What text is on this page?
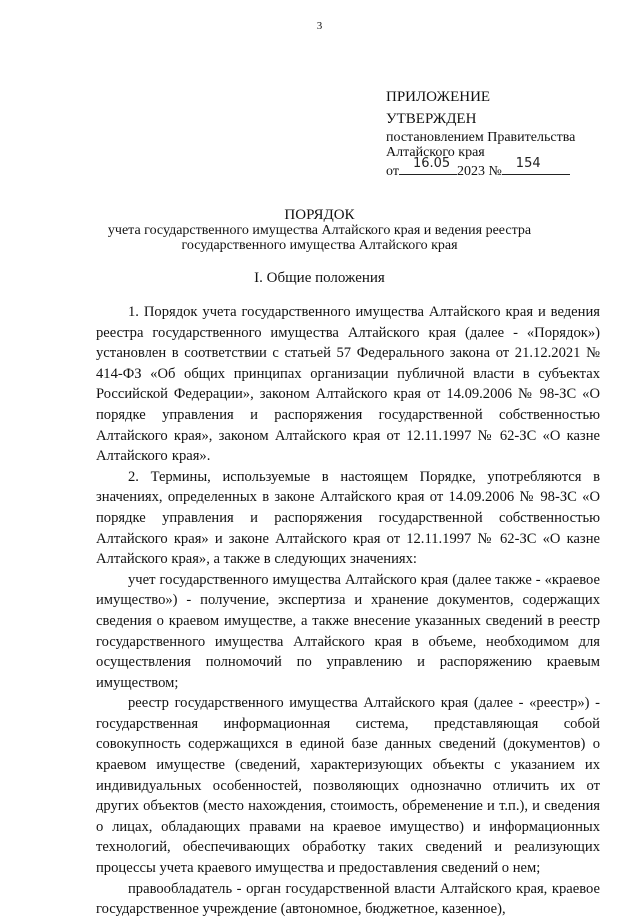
3
ПРИЛОЖЕНИЕ
УТВЕРЖДЕН
постановлением Правительства
Алтайского края
от
16.05
2023 №
154
ПОРЯДОК
учета государственного имущества Алтайского края и ведения реестра государственного имущества Алтайского края
I. Общие положения

1. Порядок учета государственного имущества Алтайского края и ведения реестра государственного имущества Алтайского края (далее - «Порядок») установлен в соответствии с статьей 57 Федерального закона от 21.12.2021 № 414-ФЗ «Об общих принципах организации публичной власти в субъектах Российской Федерации», законом Алтайского края от 14.09.2006 № 98-ЗС «О порядке управления и распоряжения государственной собственностью Алтайского края», законом Алтайского края от 12.11.1997 № 62-ЗС «О казне Алтайского края».

2. Термины, используемые в настоящем Порядке, употребляются в значениях, определенных в законе Алтайского края от 14.09.2006 № 98-ЗС «О порядке управления и распоряжения государственной собственностью Алтайского края» и законе Алтайского края от 12.11.1997 № 62-ЗС «О казне Алтайского края», а также в следующих значениях:

учет государственного имущества Алтайского края (далее также - «краевое имущество») - получение, экспертиза и хранение документов, содержащих сведения о краевом имуществе, а также внесение указанных сведений в реестр государственного имущества Алтайского края в объеме, необходимом для осуществления полномочий по управлению и распоряжению краевым имуществом;

реестр государственного имущества Алтайского края (далее - «реестр») - государственная информационная система, представляющая собой совокупность содержащихся в единой базе данных сведений (документов) о краевом имуществе (сведений, характеризующих объекты с указанием их индивидуальных особенностей, позволяющих однозначно отличить их от других объектов (место нахождения, стоимость, обременение и т.п.), и сведения о лицах, обладающих правами на краевое имущество) и информационных технологий, обеспечивающих обработку таких сведений и реализующих процессы учета краевого имущества и предоставления сведений о нем;

правообладатель - орган государственной власти Алтайского края, краевое государственное учреждение (автономное, бюджетное, казенное),
